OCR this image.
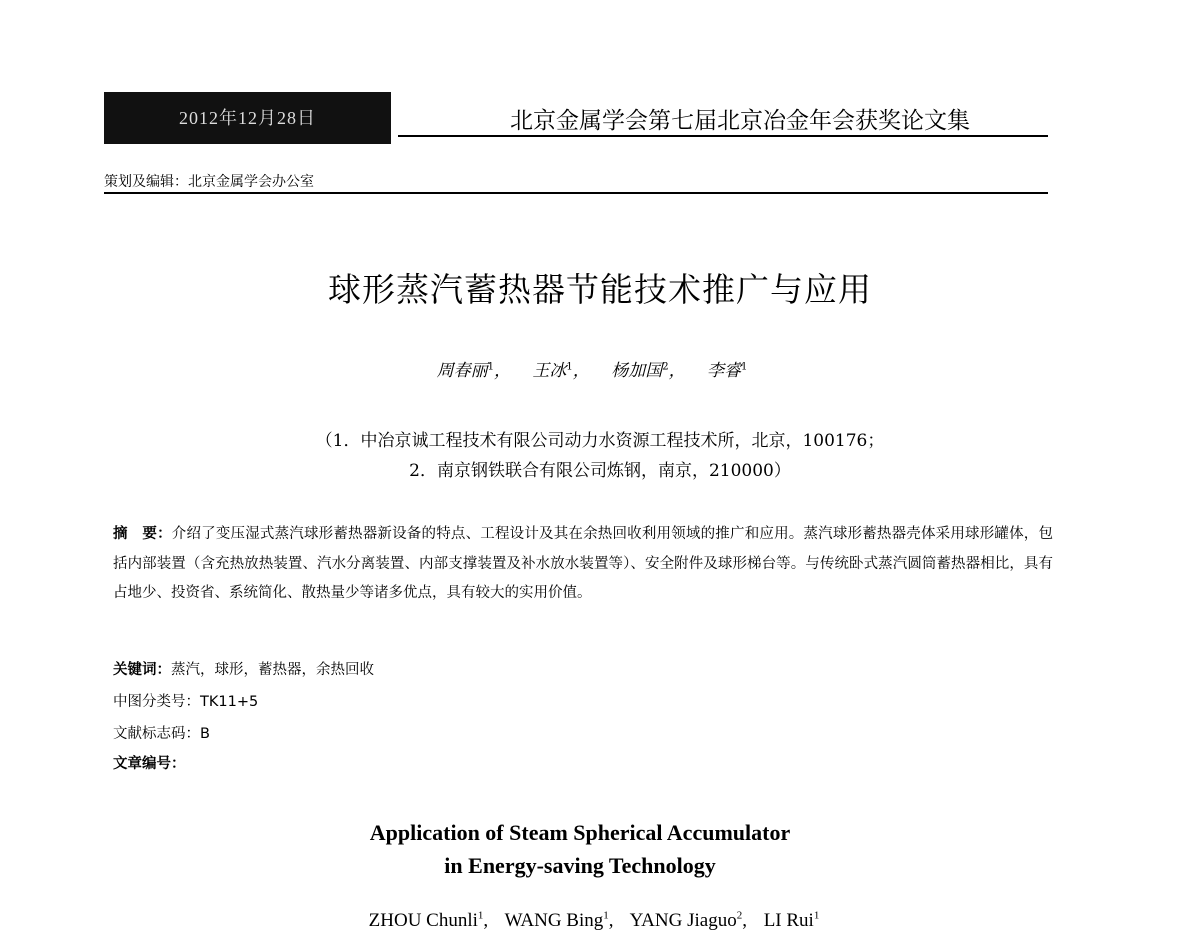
2012年12月28日	北京金属学会第七届北京冶金年会获奖论文集
策划及编辑：北京金属学会办公室
球形蒸汽蓄热器节能技术推广与应用
周春丽$^1$， 王冰$^1$， 杨加国$^2$， 李睿$^1$
（1．中冶京诚工程技术有限公司动力水资源工程技术所，北京，100176；
2．南京钢铁联合有限公司炼钢，南京，210000）
摘　要：介绍了变压湿式蒸汽球形蓄热器新设备的特点、工程设计及其在余热回收利用领域的推广和应用。蒸汽球形蓄热器壳体采用球形罐体，包括内部装置（含充热放热装置、汽水分离装置、内部支撑装置及补水放水装置等）、安全附件及球形梯台等。与传统卧式蒸汽圆筒蓄热器相比，具有占地少、投资省、系统简化、散热量少等诸多优点，具有较大的实用价值。
关键词：蒸汽，球形，蓄热器，余热回收
中图分类号：TK11+5
文献标志码：B
文章编号：
Application of Steam Spherical Accumulator
in Energy-saving Technology
ZHOU Chunli$^1$, WANG Bing$^1$, YANG Jiaguo$^2$, LI Rui$^1$
